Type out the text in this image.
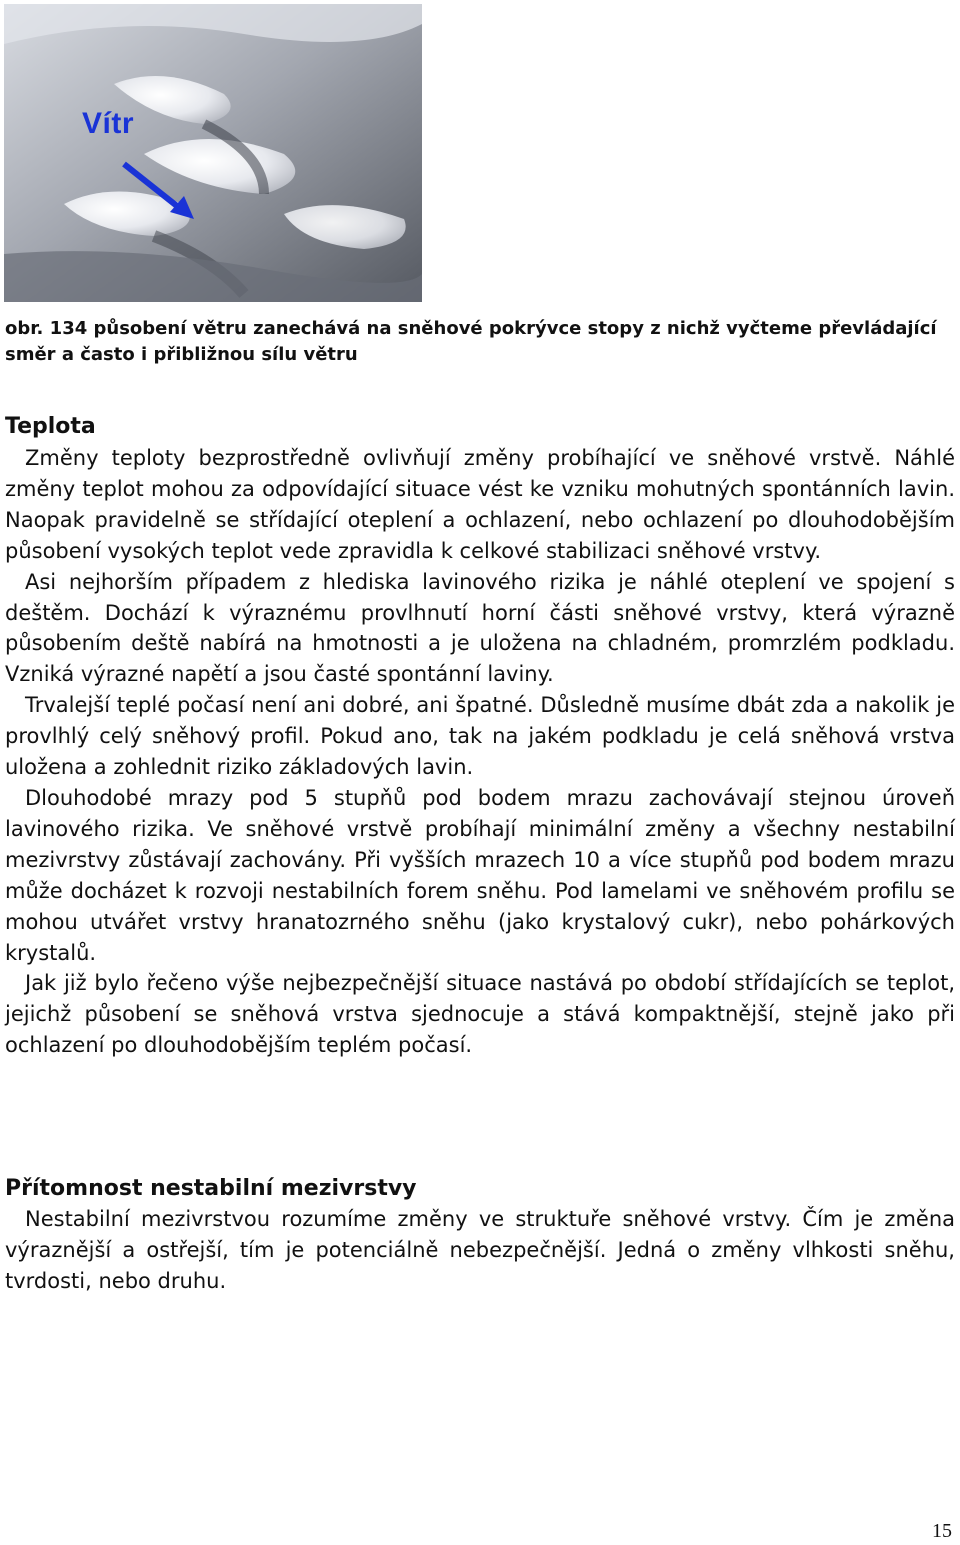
Vítr

obr. 134 působení větru zanechává na sněhové pokrývce stopy z nichž vyčteme převládající směr a často i přibližnou sílu větru

Teplota

Změny teploty bezprostředně ovlivňují změny probíhající ve sněhové vrstvě. Náhlé změny teplot mohou za odpovídající situace vést ke vzniku mohutných spontánních lavin. Naopak pravidelně se střídající oteplení a ochlazení, nebo ochlazení po dlouhodobějším působení vysokých teplot vede zpravidla k celkové stabilizaci sněhové vrstvy.

Asi nejhorším případem z hlediska lavinového rizika je náhlé oteplení ve spojení s deštěm. Dochází k výraznému provlhnutí horní části sněhové vrstvy, která výrazně působením deště nabírá na hmotnosti a je uložena na chladném, promrzlém podkladu. Vzniká výrazné napětí a jsou časté spontánní laviny.

Trvalejší teplé počasí není ani dobré, ani špatné. Důsledně musíme dbát zda a nakolik je provlhlý celý sněhový profil. Pokud ano, tak na jakém podkladu je celá sněhová vrstva uložena a zohlednit riziko základových lavin.

Dlouhodobé mrazy pod 5 stupňů pod bodem mrazu zachovávají stejnou úroveň lavinového rizika. Ve sněhové vrstvě probíhají minimální změny a všechny nestabilní mezivrstvy zůstávají zachovány. Při vyšších mrazech 10 a více stupňů pod bodem mrazu může docházet k rozvoji nestabilních forem sněhu. Pod lamelami ve sněhovém profilu se mohou utvářet vrstvy hranatozrného sněhu (jako krystalový cukr), nebo pohárkových krystalů.

Jak již bylo řečeno výše nejbezpečnější situace nastává po období střídajících se teplot, jejichž působení se sněhová vrstva sjednocuje a stává kompaktnější, stejně jako při ochlazení po dlouhodobějším teplém počasí.

Přítomnost nestabilní mezivrstvy

Nestabilní mezivrstvou rozumíme změny ve struktuře sněhové vrstvy. Čím je změna výraznější a ostřejší, tím je potenciálně nebezpečnější. Jedná o změny vlhkosti sněhu, tvrdosti, nebo druhu.

15
